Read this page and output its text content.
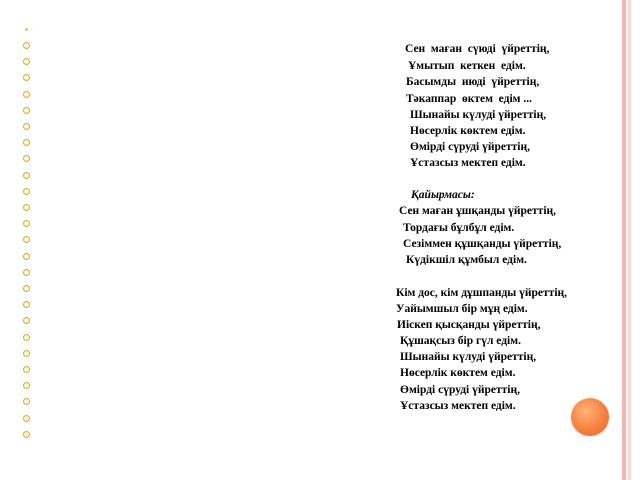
Сен  маған  сүюді  үйреттің,
Ұмытып  кеткен  едім.
Басымды  июді  үйреттің,
Тәкаппар  өктем  едім ...
Шынайы күлуді үйреттің,
Нөсерлік көктем едім.
Өмірді сүруді үйреттің,
Ұстазсыз мектеп едім.
Қайырмасы:
Сен маған ұшқанды үйреттің,
Тордағы бұлбұл едім.
Сезіммен құшқанды үйреттің,
Күдікшіл құмбыл едім.
Кім дос, кім дұшпанды үйреттің,
Уайымшыл бір мұң едім.
Иіскеп қысқанды үйреттің,
Құшақсыз бір гүл едім.
Шынайы күлуді үйреттің,
Нөсерлік көктем едім.
Өмірді сүруді үйреттің,
Ұстазсыз мектеп едім.
